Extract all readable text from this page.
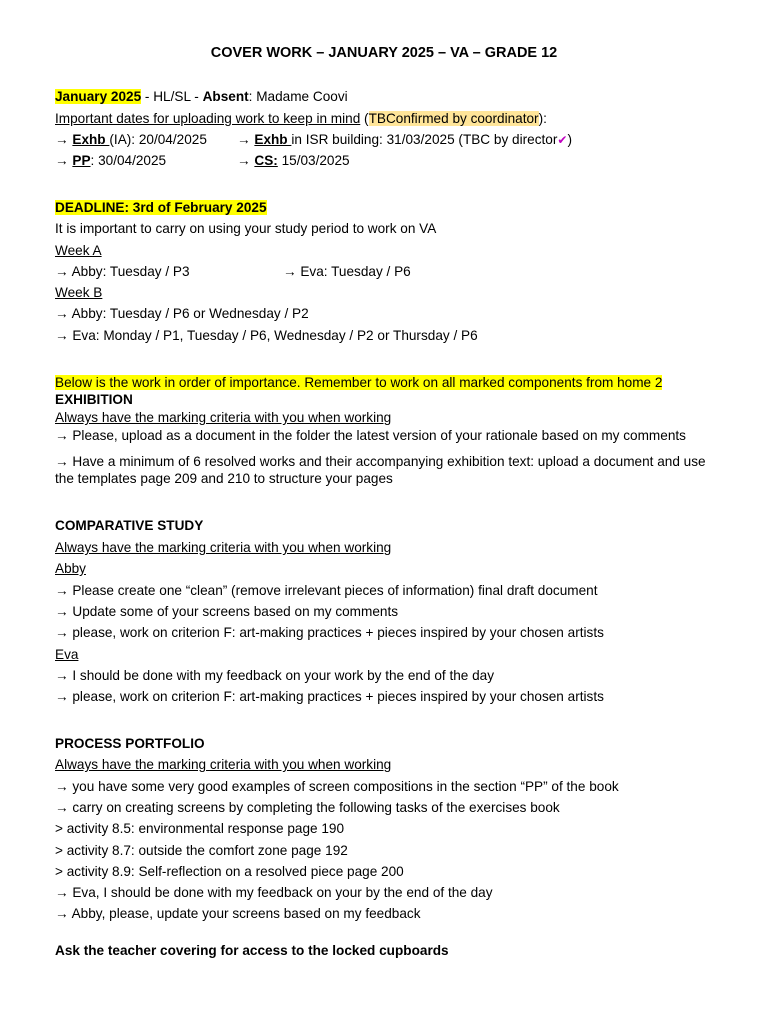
COVER WORK – JANUARY 2025 – VA – GRADE 12
January 2025 - HL/SL - Absent: Madame Coovi
Important dates for uploading work to keep in mind (TBConfirmed by coordinator):
→ Exhb (IA): 20/04/2025 → Exhb in ISR building: 31/03/2025 (TBC by director✔)
→ PP: 30/04/2025	→ CS: 15/03/2025
DEADLINE: 3rd of February 2025
It is important to carry on using your study period to work on VA
Week A
→ Abby: Tuesday / P3	→ Eva: Tuesday / P6
Week B
→ Abby: Tuesday / P6 or Wednesday / P2
→ Eva: Monday / P1, Tuesday / P6, Wednesday / P2 or Thursday / P6
Below is the work in order of importance. Remember to work on all marked components from home 2
EXHIBITION
Always have the marking criteria with you when working
→ Please, upload as a document in the folder the latest version of your rationale based on my comments
→ Have a minimum of 6 resolved works and their accompanying exhibition text: upload a document and use the templates page 209 and 210 to structure your pages
COMPARATIVE STUDY
Always have the marking criteria with you when working
Abby
→ Please create one “clean” (remove irrelevant pieces of information) final draft document
→ Update some of your screens based on my comments
→ please, work on criterion F: art-making practices + pieces inspired by your chosen artists
Eva
→ I should be done with my feedback on your work by the end of the day
→ please, work on criterion F: art-making practices + pieces inspired by your chosen artists
PROCESS PORTFOLIO
Always have the marking criteria with you when working
→ you have some very good examples of screen compositions in the section “PP” of the book
→ carry on creating screens by completing the following tasks of the exercises book
> activity 8.5: environmental response page 190
> activity 8.7: outside the comfort zone page 192
> activity 8.9: Self-reflection on a resolved piece page 200
→ Eva, I should be done with my feedback on your by the end of the day
→ Abby, please, update your screens based on my feedback
Ask the teacher covering for access to the locked cupboards
